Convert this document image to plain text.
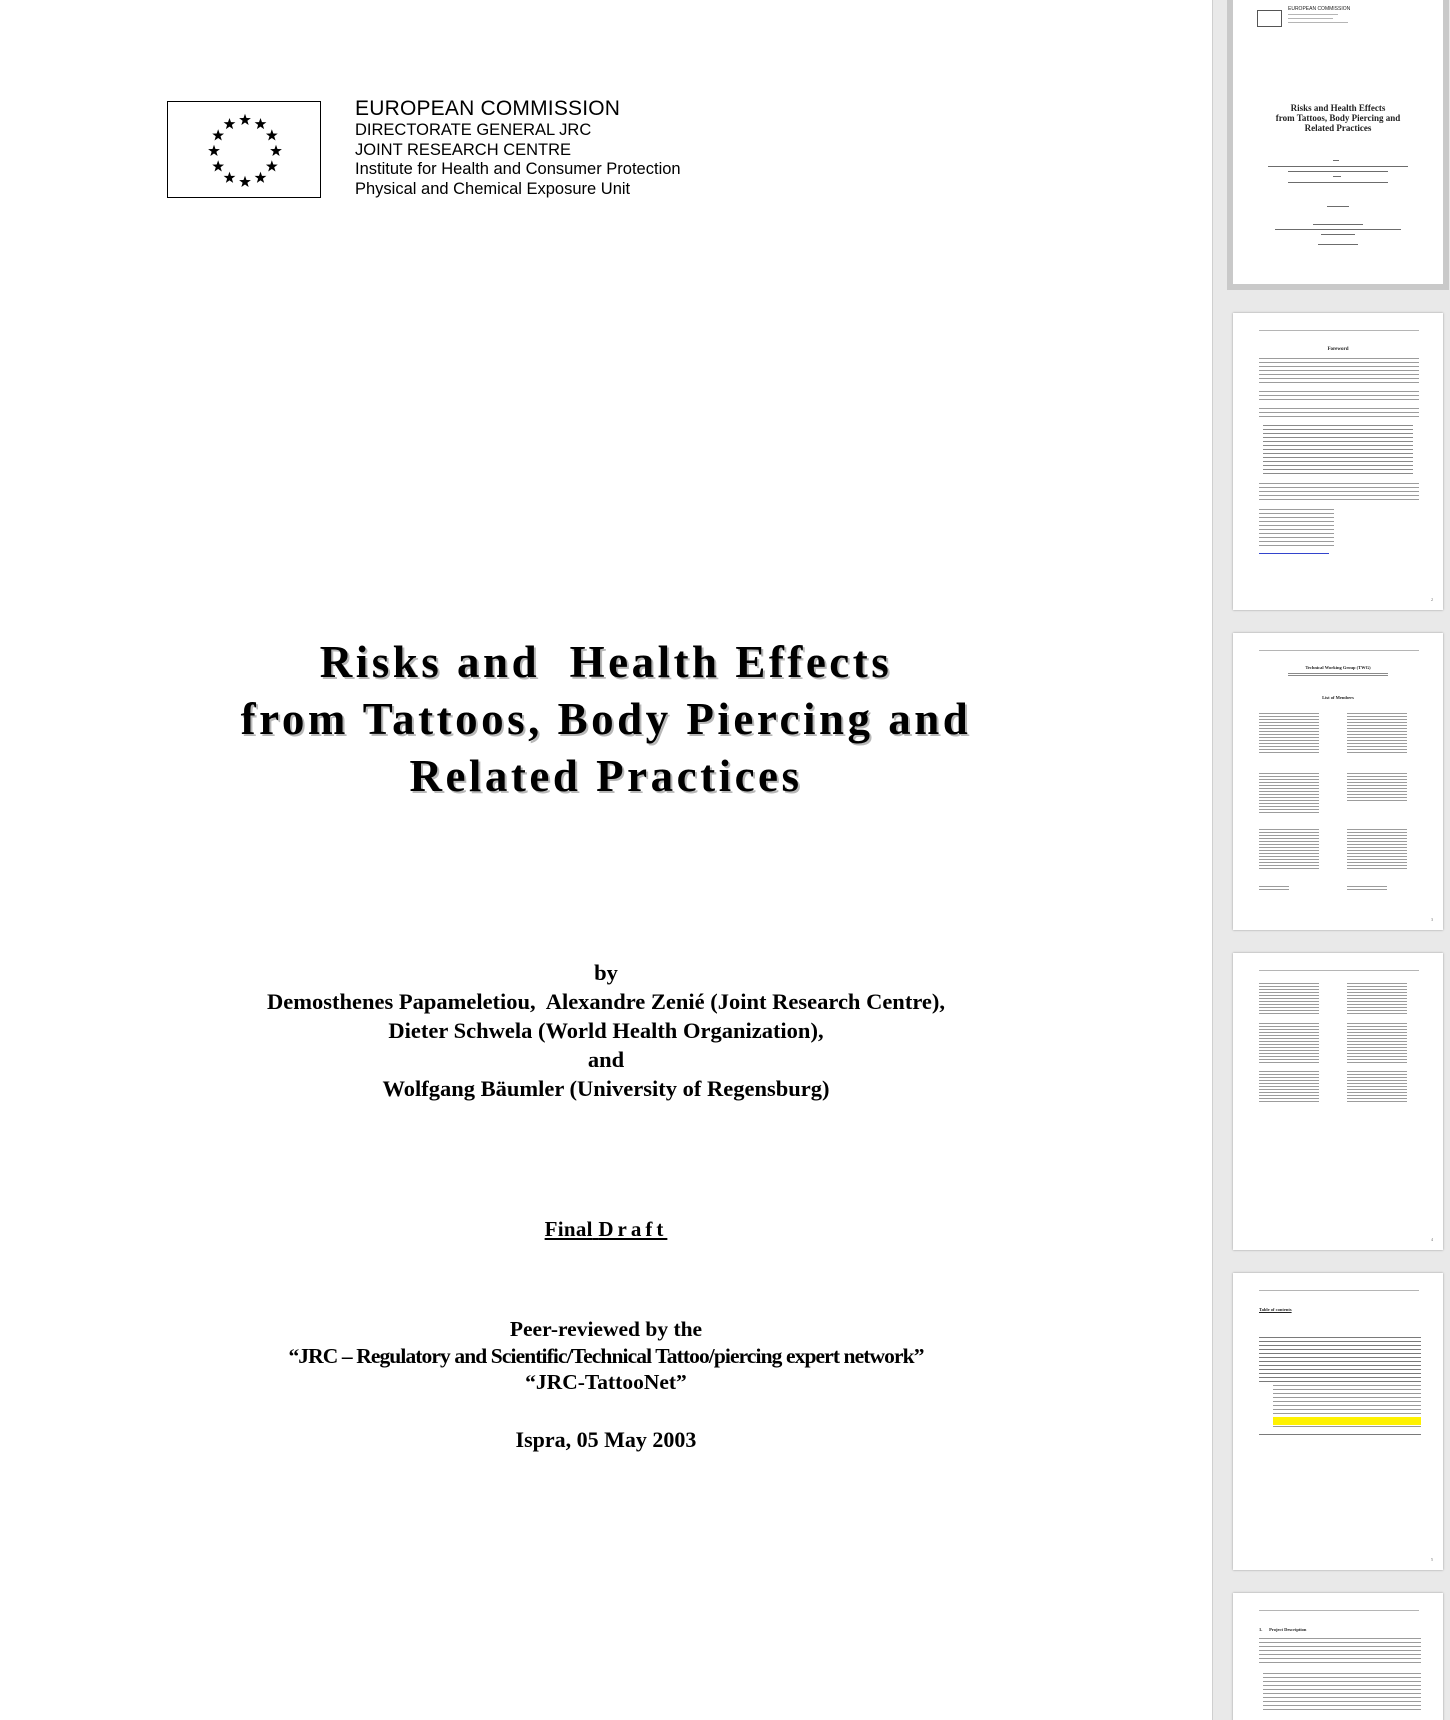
EUROPEAN COMMISSION
DIRECTORATE GENERAL JRC
JOINT RESEARCH CENTRE
Institute for Health and Consumer Protection
Physical and Chemical Exposure Unit
Risks and  Health Effects
from Tattoos, Body Piercing and
Related Practices
by
Demosthenes Papameletiou,  Alexandre Zenié (Joint Research Centre),
Dieter Schwela (World Health Organization),
and
Wolfgang Bäumler (University of Regensburg)
Final Draft
Peer-reviewed by the
“JRC – Regulatory and Scientific/Technical Tattoo/piercing expert network”
“JRC-TattooNet”
Ispra, 05 May 2003
EUROPEAN COMMISSION
Risks and Health Effects
from Tattoos, Body Piercing and
Related Practices
Foreword
2
Technical Working Group (TWG)
List of Members
3
4
Table of contents
5
1.      Project Description
